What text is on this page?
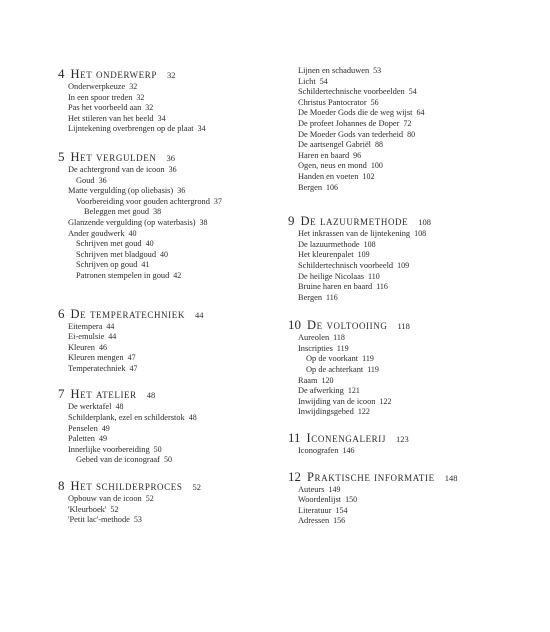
4 Het onderwerp 32
Onderwerpkeuze 32
In een spoor treden 32
Pas het voorbeeld aan 32
Het stileren van het beeld 34
Lijntekening overbrengen op de plaat 34
5 Het vergulden 36
De achtergrond van de icoon 36
Goud 36
Matte verguldíng (op oliebasis) 36
Voorbereiding voor gouden achtergrond 37
Beleggen met goud 38
Glanzende vergulding (op waterbasis) 38
Ander goudwerk 40
Schrijven met goud 40
Schrijven met bladgoud 40
Schrijven op goud 41
Patronen stempelen in goud 42
6 De temperatechniek 44
Eitempera 44
Ei-emulsie 44
Kleuren 46
Kleuren mengen 47
Temperatechniek 47
7 Het atelier 48
De werktafel 48
Schilderplank, ezel en schilderstok 48
Penselen 49
Paletten 49
Innerlijke voorbereiding 50
Gebed van de iconograaf 50
8 Het schilderproces 52
Opbouw van de icoon 52
'Kleurboek' 52
'Petit lac'-methode 53
Lijnen en schaduwen 53
Licht 54
Schildertechnische voorbeelden 54
Christus Pantocrator 56
De Moeder Gods die de weg wijst 64
De profeet Johannes de Doper 72
De Moeder Gods van tederheid 80
De aartsengel Gabriël 88
Haren en baard 96
Ogen, neus en mond 100
Handen en voeten 102
Bergen 106
9 De lazuurmethode 108
Het inkrassen van de lijntekening 108
De lazuurmethode 108
Het kleurenpalet 109
Schildertechnisch voorbeeld 109
De heilige Nicolaas 110
Bruine haren en baard 116
Bergen 116
10 De voltooiing 118
Aureolen 118
Inscripties 119
Op de voorkant 119
Op de achterkant 119
Raam 120
De afwerking 121
Inwijding van de icoon 122
Inwijdingsgebed 122
11 Iconengalerij 123
Iconografen 146
12 Praktische informatie 148
Auteurs 149
Woordenlijst 150
Literatuur 154
Adressen 156
